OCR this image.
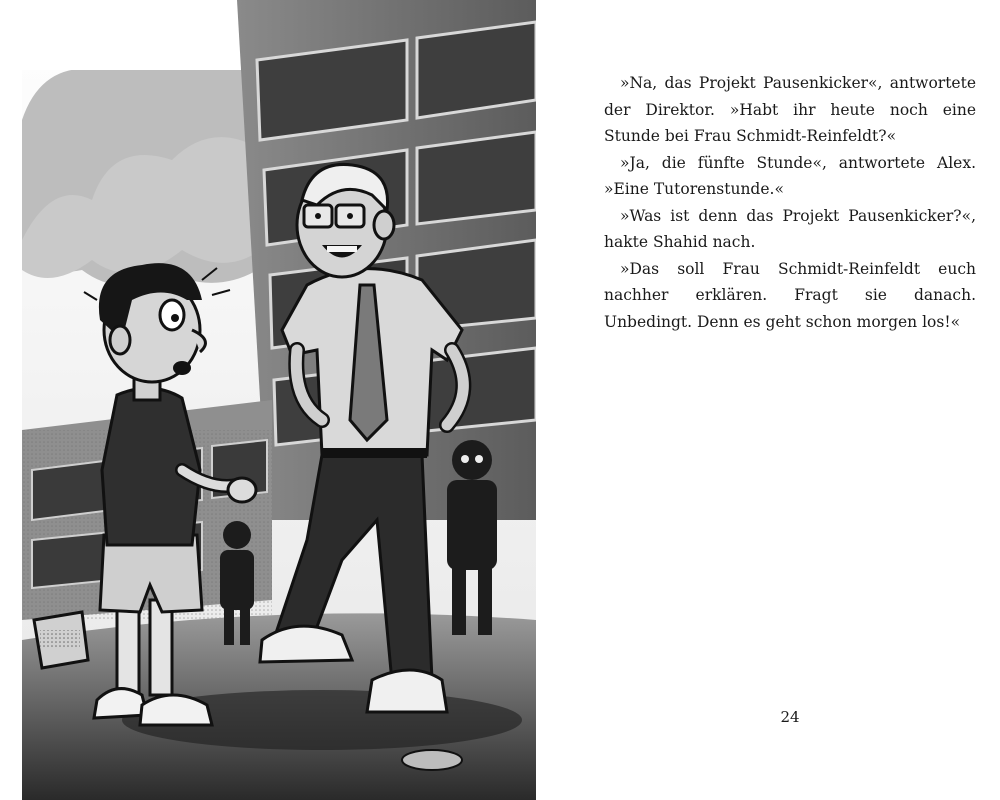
»Na, das Projekt Pausenkicker«, antwortete der Direktor. »Habt ihr heute noch eine Stunde bei Frau Schmidt-Reinfeldt?«

»Ja, die fünfte Stunde«, antwortete Alex. »Eine Tutorenstunde.«

»Was ist denn das Projekt Pausenkicker?«, hakte Shahid nach.

»Das soll Frau Schmidt-Reinfeldt euch nachher erklären. Fragt sie danach. Unbedingt. Denn es geht schon morgen los!«

24
